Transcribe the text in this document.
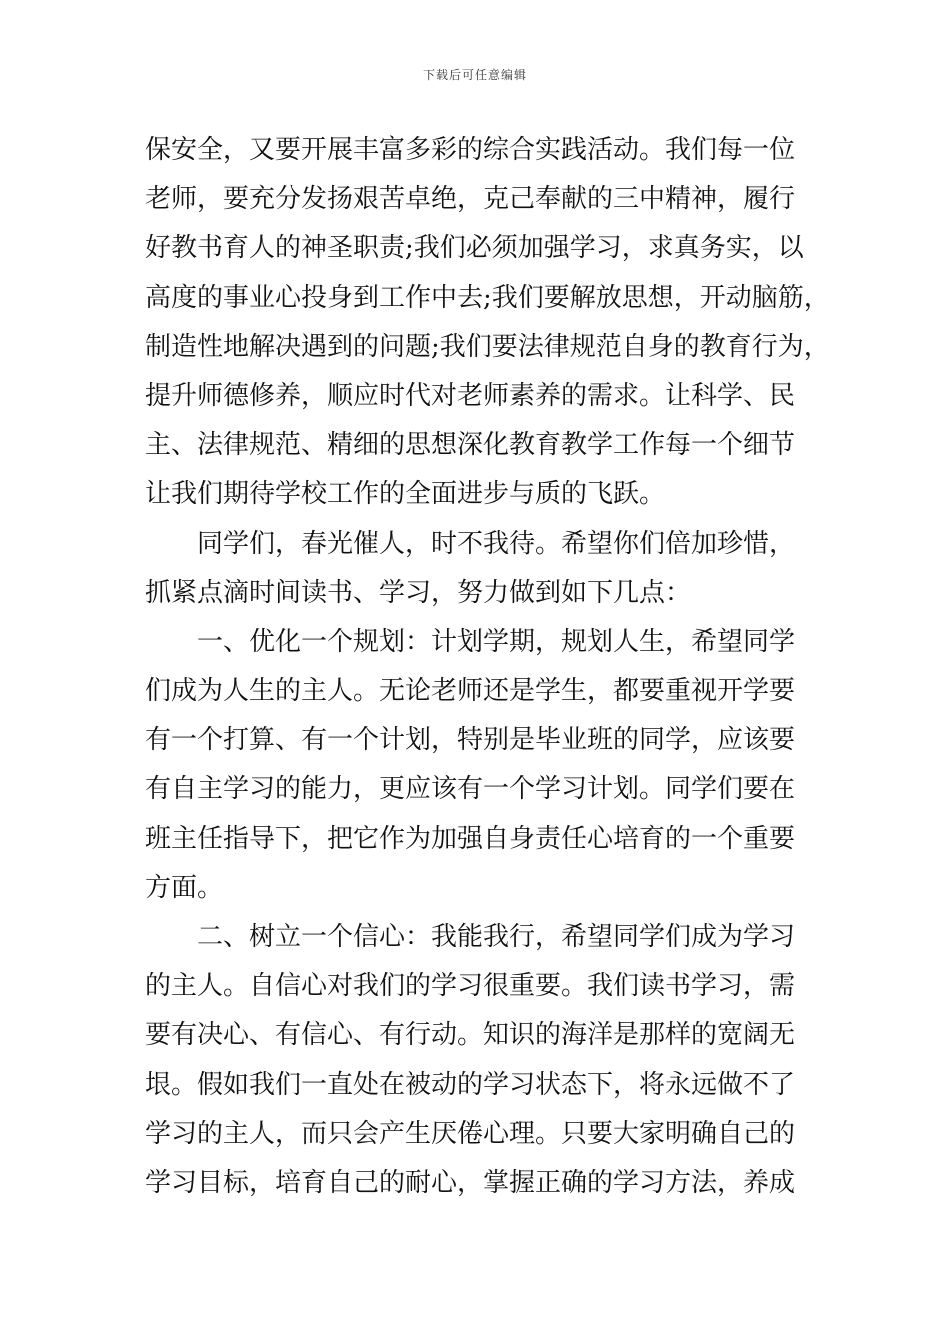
下载后可任意编辑
保安全，又要开展丰富多彩的综合实践活动。我们每一位
老师，要充分发扬艰苦卓绝，克己奉献的三中精神，履行
好教书育人的神圣职责;我们必须加强学习，求真务实，以
高度的事业心投身到工作中去;我们要解放思想，开动脑筋，
制造性地解决遇到的问题;我们要法律规范自身的教育行为，
提升师德修养，顺应时代对老师素养的需求。让科学、民
主、法律规范、精细的思想深化教育教学工作每一个细节
让我们期待学校工作的全面进步与质的飞跃。
同学们，春光催人，时不我待。希望你们倍加珍惜，
抓紧点滴时间读书、学习，努力做到如下几点：
一、优化一个规划：计划学期，规划人生，希望同学
们成为人生的主人。无论老师还是学生，都要重视开学要
有一个打算、有一个计划，特别是毕业班的同学，应该要
有自主学习的能力，更应该有一个学习计划。同学们要在
班主任指导下，把它作为加强自身责任心培育的一个重要
方面。
二、树立一个信心：我能我行，希望同学们成为学习
的主人。自信心对我们的学习很重要。我们读书学习，需
要有决心、有信心、有行动。知识的海洋是那样的宽阔无
垠。假如我们一直处在被动的学习状态下，将永远做不了
学习的主人，而只会产生厌倦心理。只要大家明确自己的
学习目标，培育自己的耐心，掌握正确的学习方法，养成
